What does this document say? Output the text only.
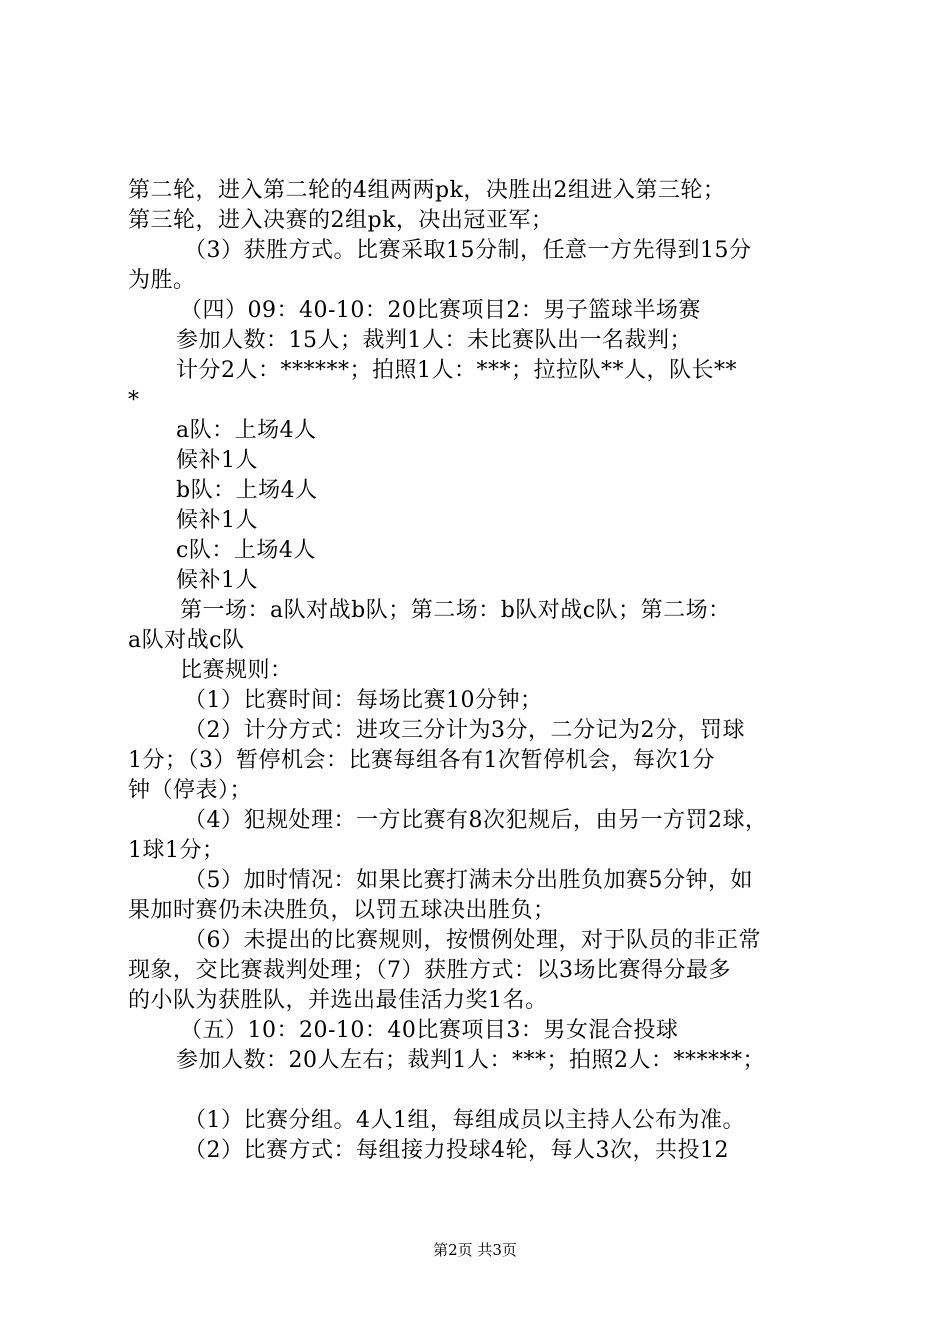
第二轮，进入第二轮的4组两两pk，决胜出2组进入第三轮；
第三轮，进入决赛的2组pk，决出冠亚军；
（3）获胜方式。比赛采取15分制，任意一方先得到15分
为胜。
（四）09：40-10：20比赛项目2：男子篮球半场赛
参加人数：15人；裁判1人：未比赛队出一名裁判；
计分2人：******；拍照1人：***；拉拉队**人，队长**
*
a队：上场4人
候补1人
b队：上场4人
候补1人
c队：上场4人
候补1人
第一场：a队对战b队；第二场：b队对战c队；第二场：
a队对战c队
比赛规则：
（1）比赛时间：每场比赛10分钟；
（2）计分方式：进攻三分计为3分，二分记为2分，罚球
1分；（3）暂停机会：比赛每组各有1次暂停机会，每次1分
钟（停表）；
（4）犯规处理：一方比赛有8次犯规后，由另一方罚2球，
1球1分；
（5）加时情况：如果比赛打满未分出胜负加赛5分钟，如
果加时赛仍未决胜负，以罚五球决出胜负；
（6）未提出的比赛规则，按惯例处理，对于队员的非正常
现象，交比赛裁判处理；（7）获胜方式：以3场比赛得分最多
的小队为获胜队，并选出最佳活力奖1名。
（五）10：20-10：40比赛项目3：男女混合投球
参加人数：20人左右；裁判1人：***；拍照2人：******；
（1）比赛分组。4人1组，每组成员以主持人公布为准。
（2）比赛方式：每组接力投球4轮，每人3次，共投12
第2页 共3页
